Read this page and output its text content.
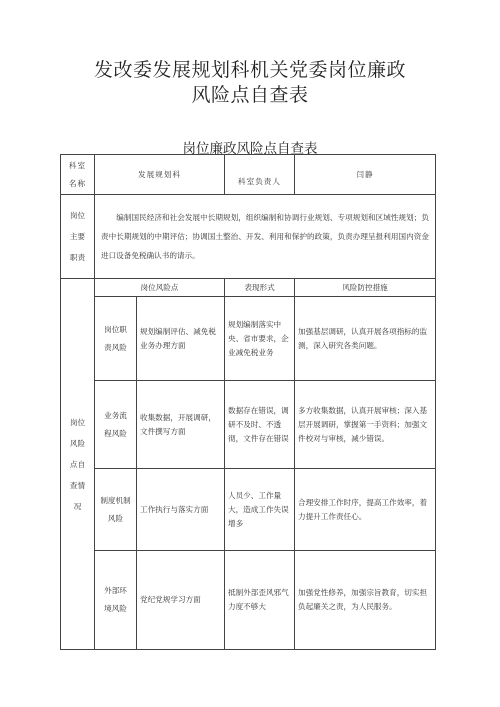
发改委发展规划科机关党委岗位廉政
风险点自查表
岗位廉政风险点自查表
科室
名称	发展规划科		科室负责人	闫静

岗位
主要
职责	编制国民经济和社会发展中长期规划，组织编制和协调行业规划、专项规划和区域性规划；负责中长期规划的中期评估；协调国土整治、开发、利用和保护的政策，负责办理呈报利用国内资金进口设备免税确认书的请示。			

岗位
风险
点自
查情
况	岗位风险点		表现形式	风险防控措施

	岗位职
责风险	规划编制评估、减免税业务办理方面	规划编制落实中央、省市要求，企业减免税业务	加强基层调研，认真开展各项指标的监测，深入研究各类问题。

	业务流
程风险	收集数据，开展调研，文件撰写方面	数据存在错误，调研不及时、不透彻，文件存在错误	多方收集数据，认真开展审核；深入基层开展调研，掌握第一手资料；加强文件校对与审核，减少错误。

	制度机制
风险	工作执行与落实方面	人员少、工作量大，造成工作失误增多	合理安排工作时序，提高工作效率，着力提升工作责任心。

	外部环
境风险	党纪党规学习方面	抵制外部歪风邪气力度不够大	加强党性修养，加强宗旨教育，切实担负起廉关之责，为人民服务。
